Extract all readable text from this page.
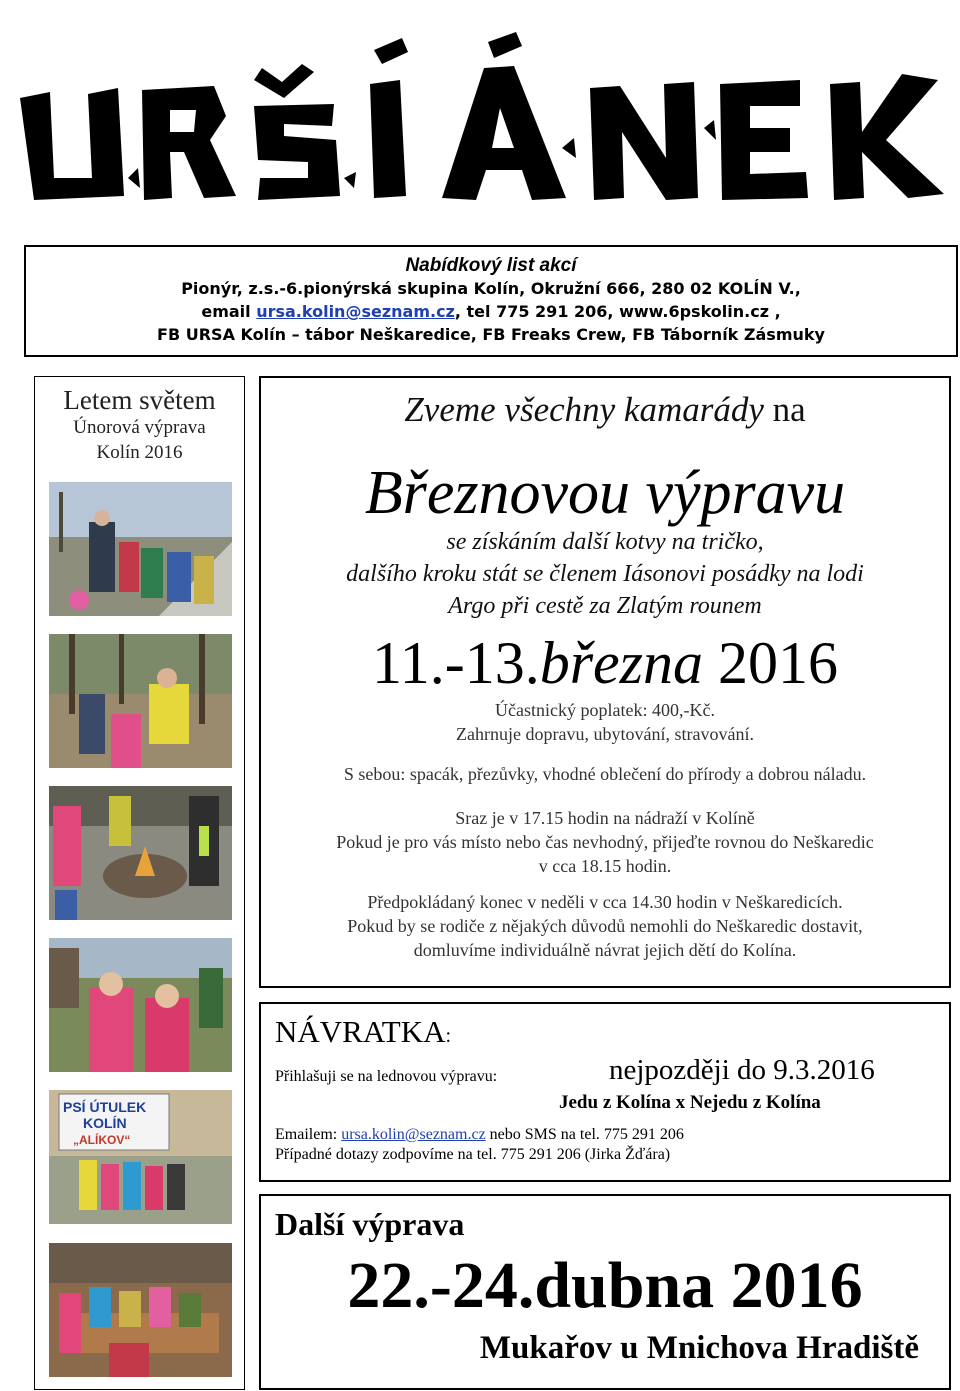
Nabídkový list akcí
Pionýr, z.s.-6.pionýrská skupina Kolín, Okružní 666, 280 02 KOLÍN V.,
email ursa.kolin@seznam.cz, tel 775 291 206, www.6pskolin.cz ,
FB URSA Kolín – tábor Neškaredice, FB Freaks Crew, FB Táborník Zásmuky
Letem světem
Únorová výprava
Kolín 2016
PSÍ ÚTULEK
KOLÍN
„ALÍKOV“
Zveme všechny kamarády na
Březnovou výpravu
se získáním další kotvy na tričko,
dalšího kroku stát se členem Iásonovi posádky na lodi
Argo při cestě za Zlatým rounem
11.-13.března 2016
Účastnický poplatek: 400,-Kč.
Zahrnuje dopravu, ubytování, stravování.
S sebou: spacák, přezůvky, vhodné oblečení do přírody a dobrou náladu.
Sraz je v 17.15 hodin na nádraží v Kolíně
Pokud je pro vás místo nebo čas nevhodný, přijeďte rovnou do Neškaredic
v cca 18.15 hodin.
Předpokládaný konec v neděli v cca 14.30 hodin v Neškaredicích.
Pokud by se rodiče z nějakých důvodů nemohli do Neškaredic dostavit,
domluvíme individuálně návrat jejich dětí do Kolína.
NÁVRATKA:
Přihlašuji se na lednovou výpravu:	nejpozději do 9.3.2016
Jedu z Kolína x Nejedu z Kolína
Emailem: ursa.kolin@seznam.cz nebo SMS na tel. 775 291 206
Případné dotazy zodpovíme na tel. 775 291 206 (Jirka Žďára)
Další výprava
22.-24.dubna 2016
Mukařov u Mnichova Hradiště
